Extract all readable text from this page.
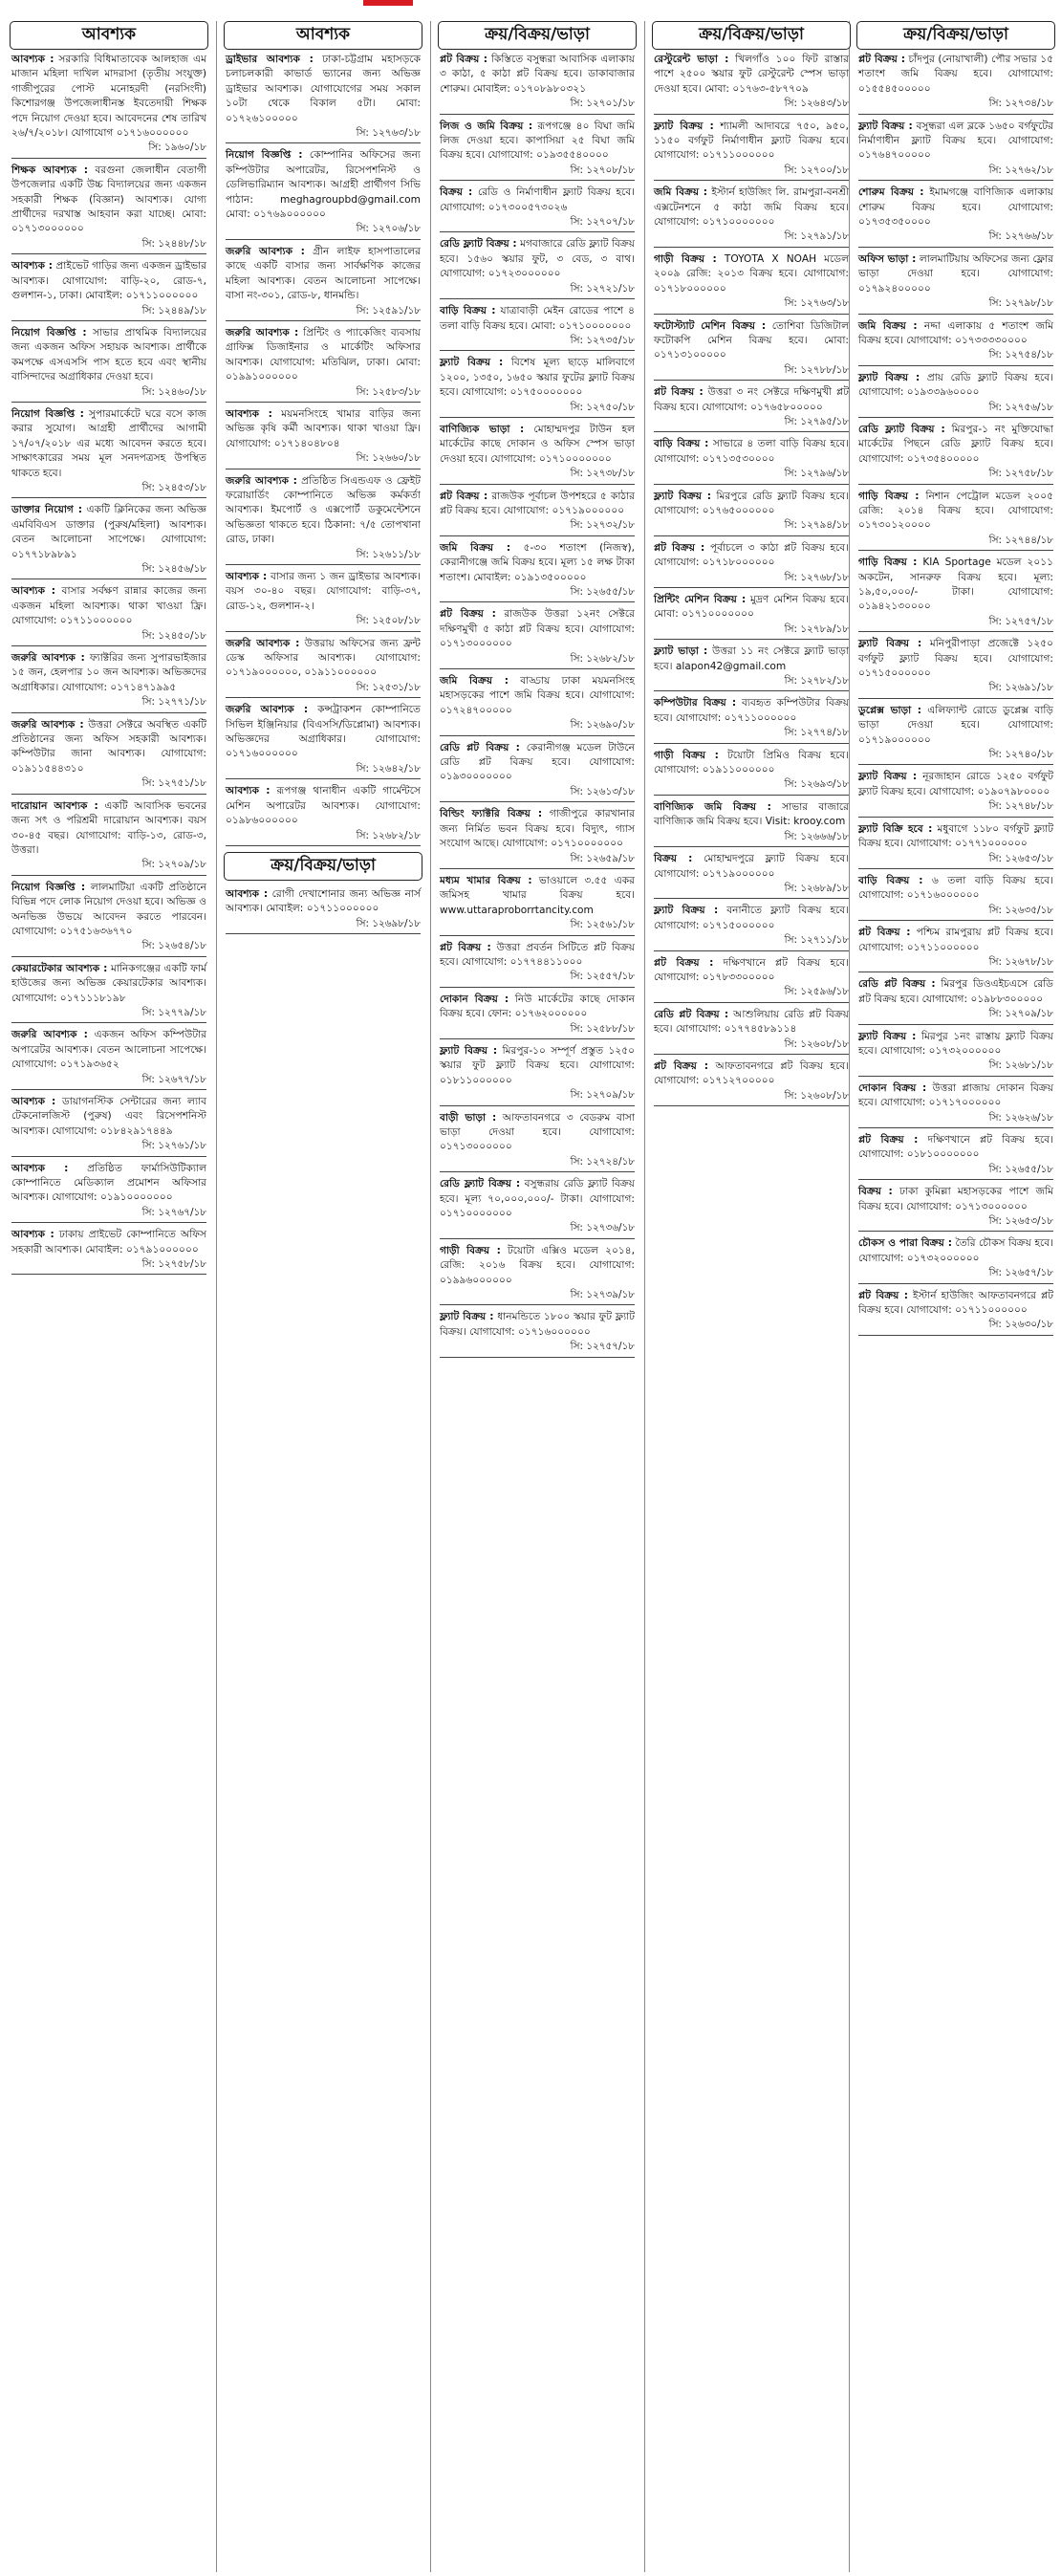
আবশ্যক
আবশ্যক : সরকারি বিধিমাতাবেক আলহাজ এম মাজান মহিলা দাখিল মাদরাসা (তৃতীয় সংযুক্ত) গাজীপুরের পোস্ট মনোহরদী (নরসিংদী) কিশোরগঞ্জ উপজেলাধীনস্ত ইবতেদায়ী শিক্ষক পদে নিয়োগ দেওয়া হবে। আবেদনের শেষ তারিখ ২৬/৭/২০১৮। যোগাযোগ ০১৭১৬০০০০০০
সি: ১৯৬০/১৮
শিক্ষক আবশ্যক : বরগুনা জেলাধীন বেতাগী উপজেলার একটি উচ্চ বিদ্যালয়ের জন্য একজন সহকারী শিক্ষক (বিজ্ঞান) আবশ্যক। যোগ্য প্রার্থীদের দরখাস্ত আহবান করা যাচ্ছে। মোবা: ০১৭১৩০০০০০০
সি: ১২৪৪৮/১৮
আবশ্যক : প্রাইভেট গাড়ির জন্য একজন ড্রাইভার আবশ্যক। যোগাযোগ: বাড়ি-২০, রোড-৭, গুলশান-১, ঢাকা। মোবাইল: ০১৭১১০০০০০০
সি: ১২৪৪৯/১৮
নিয়োগ বিজ্ঞপ্তি : সাভার প্রাথমিক বিদ্যালয়ের জন্য একজন অফিস সহায়ক আবশ্যক। প্রার্থীকে কমপক্ষে এসএসসি পাস হতে হবে এবং স্থানীয় বাসিন্দাদের অগ্রাধিকার দেওয়া হবে।
সি: ১২৪৬০/১৮
নিয়োগ বিজ্ঞপ্তি : সুপারমার্কেটে ঘরে বসে কাজ করার সুযোগ। আগ্রহী প্রার্থীদের আগামী ১৭/০৭/২০১৮ এর মধ্যে আবেদন করতে হবে। সাক্ষাৎকারের সময় মূল সনদপত্রসহ উপস্থিত থাকতে হবে।
সি: ১২৪৫৩/১৮
ডাক্তার নিয়োগ : একটি ক্লিনিকের জন্য অভিজ্ঞ এমবিবিএস ডাক্তার (পুরুষ/মহিলা) আবশ্যক। বেতন আলোচনা সাপেক্ষে। যোগাযোগ: ০১৭৭১৮৯৮৯১
সি: ১২৪৫৬/১৮
আবশ্যক : বাসার সর্বক্ষণ রান্নার কাজের জন্য একজন মহিলা আবশ্যক। থাকা খাওয়া ফ্রি। যোগাযোগ: ০১৭১১০০০০০০
সি: ১২৪৫০/১৮
জরুরি আবশ্যক : ফ্যাক্টরির জন্য সুপারভাইজার ১৫ জন, হেলপার ১০ জন আবশ্যক। অভিজ্ঞদের অগ্রাধিকার। যোগাযোগ: ০১৭১৪৭১৯৯৫
সি: ১২৭৭১/১৮
জরুরি আবশ্যক : উত্তরা সেক্টরে অবস্থিত একটি প্রতিষ্ঠানের জন্য অফিস সহকারী আবশ্যক। কম্পিউটার জানা আবশ্যক। যোগাযোগ: ০১৯১১৫৪৪৩১০
সি: ১২৭৫১/১৮
দারোয়ান আবশ্যক : একটি আবাসিক ভবনের জন্য সৎ ও পরিশ্রমী দারোয়ান আবশ্যক। বয়স ৩০-৪৫ বছর। যোগাযোগ: বাড়ি-১৩, রোড-৩, উত্তরা।
সি: ১২৭০৯/১৮
নিয়োগ বিজ্ঞপ্তি : লালমাটিয়া একটি প্রতিষ্ঠানে বিভিন্ন পদে লোক নিয়োগ দেওয়া হবে। অভিজ্ঞ ও অনভিজ্ঞ উভয়ে আবেদন করতে পারবেন। যোগাযোগ: ০১৭৫১৬৩৬৭৭০
সি: ১২৬৫৪/১৮
কেয়ারটেকার আবশ্যক : মানিকগঞ্জের একটি ফার্ম হাউজের জন্য অভিজ্ঞ কেয়ারটেকার আবশ্যক। যোগাযোগ: ০১৭১১১৮১৯৮
সি: ১২৭৭৯/১৮
জরুরি আবশ্যক : একজন অফিস কম্পিউটার অপারেটর আবশ্যক। বেতন আলোচনা সাপেক্ষে। যোগাযোগ: ০১৭১৯৩৬৫২
সি: ১২৬৭৭/১৮
আবশ্যক : ডায়াগনস্টিক সেন্টারের জন্য ল্যাব টেকনোলজিস্ট (পুরুষ) এবং রিসেপশনিস্ট আবশ্যক। যোগাযোগ: ০১৮৪২৯১৭৪৪৯
সি: ১২৭৬১/১৮
আবশ্যক : প্রতিষ্ঠিত ফার্মাসিউটিক্যাল কোম্পানিতে মেডিক্যাল প্রমোশন অফিসার আবশ্যক। যোগাযোগ: ০১৯১০০০০০০০
সি: ১২৭৬৭/১৮
আবশ্যক : ঢাকায় প্রাইভেট কোম্পানিতে অফিস সহকারী আবশ্যক। মোবাইল: ০১৭৯১০০০০০০
সি: ১২৭৫৮/১৮
আবশ্যক
ড্রাইভার আবশ্যক : ঢাকা-চট্টগ্রাম মহাসড়কে চলাচলকারী কাভার্ড ভ্যানের জন্য অভিজ্ঞ ড্রাইভার আবশ্যক। যোগাযোগের সময় সকাল ১০টা থেকে বিকাল ৫টা। মোবা: ০১৭২৬১০০০০০
সি: ১২৭৬৩/১৮
নিয়োগ বিজ্ঞপ্তি : কোম্পানির অফিসের জন্য কম্পিউটার অপারেটর, রিসেপশনিস্ট ও ডেলিভারিম্যান আবশ্যক। আগ্রহী প্রার্থীগণ সিভি পাঠান: meghagroupbd@gmail.com মোবা: ০১৭৬৯০০০০০০
সি: ১২৭০৬/১৮
জরুরি আবশ্যক : গ্রীন লাইফ হাসপাতালের কাছে একটি বাসার জন্য সার্বক্ষণিক কাজের মহিলা আবশ্যক। বেতন আলোচনা সাপেক্ষে। বাসা নং-৩০১, রোড-৮, ধানমন্ডি।
সি: ১২৫৯১/১৮
জরুরি আবশ্যক : প্রিন্টিং ও প্যাকেজিং ব্যবসায় গ্রাফিক্স ডিজাইনার ও মার্কেটিং অফিসার আবশ্যক। যোগাযোগ: মতিঝিল, ঢাকা। মোবা: ০১৯৯১০০০০০০
সি: ১২৫৮৩/১৮
আবশ্যক : ময়মনসিংহে খামার বাড়ির জন্য অভিজ্ঞ কৃষি কর্মী আবশ্যক। থাকা খাওয়া ফ্রি। যোগাযোগ: ০১৭১৪০৪৮০৪
সি: ১২৬৬০/১৮
জরুরি আবশ্যক : প্রতিষ্ঠিত সিএন্ডএফ ও ফ্রেইট ফরোয়ার্ডিং কোম্পানিতে অভিজ্ঞ কর্মকর্তা আবশ্যক। ইমপোর্ট ও এক্সপোর্ট ডকুমেন্টেশনে অভিজ্ঞতা থাকতে হবে। ঠিকানা: ৭/৫ তোপখানা রোড, ঢাকা।
সি: ১২৬১১/১৮
আবশ্যক : বাসার জন্য ১ জন ড্রাইভার আবশ্যক। বয়স ৩০-৪০ বছর। যোগাযোগ: বাড়ি-৩৭, রোড-১২, গুলশান-২।
সি: ১২৫০৮/১৮
জরুরি আবশ্যক : উত্তরায় অফিসের জন্য ফ্রন্ট ডেস্ক অফিসার আবশ্যক। যোগাযোগ: ০১৭১৯০০০০০০, ০১৯১১০০০০০০
সি: ১২৫৩১/১৮
জরুরি আবশ্যক : কন্সট্রাকশন কোম্পানিতে সিভিল ইঞ্জিনিয়ার (বিএসসি/ডিপ্লোমা) আবশ্যক। অভিজ্ঞদের অগ্রাধিকার। যোগাযোগ: ০১৭১৬০০০০০০
সি: ১২৬৪২/১৮
আবশ্যক : রূপগঞ্জ থানাধীন একটি গার্মেন্টসে মেশিন অপারেটর আবশ্যক। যোগাযোগ: ০১৯৮৬০০০০০০
সি: ১২৬৮২/১৮
ক্রয়/বিক্রয়/ভাড়া
আবশ্যক : রোগী দেখাশোনার জন্য অভিজ্ঞ নার্স আবশ্যক। মোবাইল: ০১৭১১০০০০০০
সি: ১২৬৯৮/১৮
ক্রয়/বিক্রয়/ভাড়া
প্লট বিক্রয় : কিস্তিতে বসুন্ধরা আবাসিক এলাকায় ৩ কাঠা, ৫ কাঠা প্লট বিক্রয় হবে। ডাকাবাজার শোরুম। মোবাইল: ০১৭০৮৯৮০৩২১
সি: ১২৭০১/১৮
লিজ ও জমি বিক্রয় : রূপগঞ্জে ৪০ বিঘা জমি লিজ দেওয়া হবে। কাপাসিয়া ২৫ বিঘা জমি বিক্রয় হবে। যোগাযোগ: ০১৯৩৫৫৪০০০০
সি: ১২৭০৮/১৮
বিক্রয় : রেডি ও নির্মাণাধীন ফ্ল্যাট বিক্রয় হবে। যোগাযোগ: ০১৭৩০০৫৭৩০২৬
সি: ১২৭০৭/১৮
রেডি ফ্ল্যাট বিক্রয় : মগবাজারে রেডি ফ্ল্যাট বিক্রয় হবে। ১৫৬০ স্কয়ার ফুট, ৩ বেড, ৩ বাথ। যোগাযোগ: ০১৭২৩০০০০০০
সি: ১২৭২১/১৮
বাড়ি বিক্রয় : যাত্রাবাড়ী মেইন রোডের পাশে ৪ তলা বাড়ি বিক্রয় হবে। মোবা: ০১৭১০০০০০০০
সি: ১২৭৩৫/১৮
ফ্ল্যাট বিক্রয় : বিশেষ মূল্য ছাড়ে মালিবাগে ১২০০, ১৩৫০, ১৬৫০ স্কয়ার ফুটের ফ্ল্যাট বিক্রয় হবে। যোগাযোগ: ০১৭৫০০০০০০০
সি: ১২৭৫০/১৮
বাণিজ্যিক ভাড়া : মোহাম্মদপুর টাউন হল মার্কেটের কাছে দোকান ও অফিস স্পেস ভাড়া দেওয়া হবে। যোগাযোগ: ০১৭১০০০০০০০
সি: ১২৭৩৮/১৮
প্লট বিক্রয় : রাজউক পূর্বাচল উপশহরে ৫ কাঠার প্লট বিক্রয় হবে। যোগাযোগ: ০১৭১৯০০০০০০
সি: ১২৭৩২/১৮
জমি বিক্রয় : ৫-৩০ শতাংশ (নিজস্ব), কেরানীগঞ্জে জমি বিক্রয় হবে। মূল্য ১৫ লক্ষ টাকা শতাংশ। মোবাইল: ০১৯১৩৫০০০০০
সি: ১২৬৫৫/১৮
প্লট বিক্রয় : রাজউক উত্তরা ১২নং সেক্টরে দক্ষিণমুখী ৫ কাঠা প্লট বিক্রয় হবে। যোগাযোগ: ০১৭১৩০০০০০০
সি: ১২৬৮২/১৮
জমি বিক্রয় : বাড্ডায় ঢাকা ময়মনসিংহ মহাসড়কের পাশে জমি বিক্রয় হবে। যোগাযোগ: ০১৭২৪৭০০০০০
সি: ১২৬৯০/১৮
রেডি প্লট বিক্রয় : কেরানীগঞ্জ মডেল টাউনে রেডি প্লট বিক্রয় হবে। যোগাযোগ: ০১৯৩০০০০০০০
সি: ১২৬১৩/১৮
বিল্ডিং ফ্যাক্টরি বিক্রয় : গাজীপুরে কারখানার জন্য নির্মিত ভবন বিক্রয় হবে। বিদ্যুৎ, গ্যাস সংযোগ আছে। যোগাযোগ: ০১৭১০০০০০০০
সি: ১২৬৫৯/১৮
মধ্যম খামার বিক্রয় : ভাওয়ালে ৩.৫৫ একর জমিসহ খামার বিক্রয় হবে। www.uttaraproborrtancity.com
সি: ১২৫৬১/১৮
প্লট বিক্রয় : উত্তরা প্রবর্তন সিটিতে প্লট বিক্রয় হবে। যোগাযোগ: ০১৭৭৪৪১১০০০
সি: ১২৫৫৭/১৮
দোকান বিক্রয় : নিউ মার্কেটের কাছে দোকান বিক্রয় হবে। ফোন: ০১৭৬২০০০০০০
সি: ১২৫৮৮/১৮
ফ্ল্যাট বিক্রয় : মিরপুর-১০ সম্পূর্ণ প্রস্তুত ১২৫০ স্কয়ার ফুট ফ্ল্যাট বিক্রয় হবে। যোগাযোগ: ০১৮১১০০০০০০
সি: ১২৭০৯/১৮
বাড়ী ভাড়া : আফতাবনগরে ৩ বেডরুম বাসা ভাড়া দেওয়া হবে। যোগাযোগ: ০১৭১৩০০০০০০
সি: ১২৭২৪/১৮
রেডি ফ্ল্যাট বিক্রয় : বসুন্ধরায় রেডি ফ্ল্যাট বিক্রয় হবে। মূল্য ৭০,০০০,০০০/- টাকা। যোগাযোগ: ০১৭১০০০০০০০
সি: ১২৭৩৬/১৮
গাড়ী বিক্রয় : টয়োটা এক্সিও মডেল ২০১৪, রেজি: ২০১৬ বিক্রয় হবে। যোগাযোগ: ০১৯৯৬০০০০০০
সি: ১২৭৩৯/১৮
ফ্ল্যাট বিক্রয় : ধানমন্ডিতে ১৮০০ স্কয়ার ফুট ফ্ল্যাট বিক্রয়। যোগাযোগ: ০১৭১৬০০০০০০
সি: ১২৭৫৭/১৮
ক্রয়/বিক্রয়/ভাড়া
রেস্টুরেন্ট ভাড়া : খিলগাঁও ১০০ ফিট রাস্তার পাশে ২৫০০ স্কয়ার ফুট রেস্টুরেন্ট স্পেস ভাড়া দেওয়া হবে। মোবা: ০১৭৬৩-৫৮৭৭০৯
সি: ১২৬৪৩/১৮
ফ্ল্যাট বিক্রয় : শ্যামলী আদাবরে ৭৫০, ৯৫০, ১১৫০ বর্গফুট নির্মাণাধীন ফ্ল্যাট বিক্রয় হবে। যোগাযোগ: ০১৭১১০০০০০০
সি: ১২৭০০/১৮
জমি বিক্রয় : ইস্টার্ন হাউজিং লি. রামপুরা-বনশ্রী এক্সটেনশনে ৫ কাঠা জমি বিক্রয় হবে। যোগাযোগ: ০১৭১০০০০০০০
সি: ১২৭৯১/১৮
গাড়ী বিক্রয় : TOYOTA X NOAH মডেল ২০০৯ রেজি: ২০১৩ বিক্রয় হবে। যোগাযোগ: ০১৭১৮০০০০০০
সি: ১২৭৬৩/১৮
ফটোস্ট্যাট মেশিন বিক্রয় : তোশিবা ডিজিটাল ফটোকপি মেশিন বিক্রয় হবে। মোবা: ০১৭১৩১০০০০০
সি: ১২৭৮৮/১৮
প্লট বিক্রয় : উত্তরা ৩ নং সেক্টরে দক্ষিণমুখী প্লট বিক্রয় হবে। যোগাযোগ: ০১৭৬৫৮০০০০০
সি: ১২৭৯৫/১৮
বাড়ি বিক্রয় : সাভারে ৪ তলা বাড়ি বিক্রয় হবে। যোগাযোগ: ০১৭১৩৫৩০০০০
সি: ১২৭৯৬/১৮
ফ্ল্যাট বিক্রয় : মিরপুরে রেডি ফ্ল্যাট বিক্রয় হবে। যোগাযোগ: ০১৭৬৫০০০০০০
সি: ১২৭৯৪/১৮
প্লট বিক্রয় : পূর্বাচলে ৩ কাঠা প্লট বিক্রয় হবে। যোগাযোগ: ০১৭১৮০০০০০০
সি: ১২৭৬৮/১৮
প্রিন্টিং মেশিন বিক্রয় : মুদ্রণ মেশিন বিক্রয় হবে। মোবা: ০১৭১০০০০০০০
সি: ১২৭৮৯/১৮
ফ্ল্যাট ভাড়া : উত্তরা ১১ নং সেক্টরে ফ্ল্যাট ভাড়া হবে। alapon42@gmail.com
সি: ১২৭৮২/১৮
কম্পিউটার বিক্রয় : ব্যবহৃত কম্পিউটার বিক্রয় হবে। যোগাযোগ: ০১৭১১০০০০০০
সি: ১২৭৭৪/১৮
গাড়ী বিক্রয় : টয়োটা প্রিমিও বিক্রয় হবে। যোগাযোগ: ০১৯১১০০০০০০
সি: ১২৬৯৩/১৮
বাণিজ্যিক জমি বিক্রয় : সাভার বাজারে বাণিজ্যিক জমি বিক্রয় হবে। Visit: krooy.com
সি: ১২৬৬৬/১৮
বিক্রয় : মোহাম্মদপুরে ফ্ল্যাট বিক্রয় হবে। যোগাযোগ: ০১৭১৯০০০০০০
সি: ১২৬৮৯/১৮
ফ্ল্যাট বিক্রয় : বনানীতে ফ্ল্যাট বিক্রয় হবে। যোগাযোগ: ০১৭১৫০০০০০০
সি: ১২৭১১/১৮
প্লট বিক্রয় : দক্ষিণখানে প্লট বিক্রয় হবে। যোগাযোগ: ০১৭৮৩৩০০০০০
সি: ১২৫৯৬/১৮
রেডি প্লট বিক্রয় : আশুলিয়ায় রেডি প্লট বিক্রয় হবে। যোগাযোগ: ০১৭৭৪৫৮৯১১৪
সি: ১২৬০৮/১৮
প্লট বিক্রয় : আফতাবনগরে প্লট বিক্রয় হবে। যোগাযোগ: ০১৭১২৭০০০০০
সি: ১২৬০৮/১৮
ক্রয়/বিক্রয়/ভাড়া
প্লট বিক্রয় : চাঁদপুর (নোয়াখালী) পৌর সভার ১৫ শতাংশ জমি বিক্রয় হবে। যোগাযোগ: ০১৫৫৪৫০০০০০
সি: ১২৭৩৪/১৮
ফ্ল্যাট বিক্রয় : বসুন্ধরা এল ব্লকে ১৬৫০ বর্গফুটের নির্মাণাধীন ফ্ল্যাট বিক্রয় হবে। যোগাযোগ: ০১৭৬৪৭০০০০০
সি: ১২৭৬২/১৮
শোরুম বিক্রয় : ইমামগঞ্জে বাণিজ্যিক এলাকায় শোরুম বিক্রয় হবে। যোগাযোগ: ০১৭৩৫৩৫০০০০
সি: ১২৭৬৬/১৮
অফিস ভাড়া : লালমাটিয়ায় অফিসের জন্য ফ্লোর ভাড়া দেওয়া হবে। যোগাযোগ: ০১৭৯২৪০০০০০
সি: ১২৭৯৮/১৮
জমি বিক্রয় : নদ্দা এলাকায় ৫ শতাংশ জমি বিক্রয় হবে। যোগাযোগ: ০১৭৩৩৩৩০০০০
সি: ১২৭৫৪/১৮
ফ্ল্যাট বিক্রয় : প্রায় রেডি ফ্ল্যাট বিক্রয় হবে। যোগাযোগ: ০১৯৩৩৯৬০০০০
সি: ১২৭৫৬/১৮
রেডি ফ্ল্যাট বিক্রয় : মিরপুর-১ নং মুক্তিযোদ্ধা মার্কেটের পিছনে রেডি ফ্ল্যাট বিক্রয় হবে। যোগাযোগ: ০১৭৩৫৪০০০০০
সি: ১২৭৫৮/১৮
গাড়ি বিক্রয় : নিশান পেট্রোল মডেল ২০০৫ রেজি: ২০১৪ বিক্রয় হবে। যোগাযোগ: ০১৭৩০১২০০০০
সি: ১২৭৪৪/১৮
গাড়ি বিক্রয় : KIA Sportage মডেল ২০১১ অকটেন, সানরুফ বিক্রয় হবে। মূল্য: ১৯,৫০,০০০/- টাকা। যোগাযোগ: ০১৯৪২১৩০০০০
সি: ১২৭৫৭/১৮
ফ্ল্যাট বিক্রয় : মনিপুরীপাড়া প্রজেক্টে ১২৫০ বর্গফুট ফ্ল্যাট বিক্রয় হবে। যোগাযোগ: ০১৭১৫০০০০০০
সি: ১২৬৯১/১৮
ডুপ্লেক্স ভাড়া : এলিফ্যান্ট রোডে ডুপ্লেক্স বাড়ি ভাড়া দেওয়া হবে। যোগাযোগ: ০১৭১৯০০০০০০
সি: ১২৭৪০/১৮
ফ্ল্যাট বিক্রয় : নূরজাহান রোডে ১২৫০ বর্গফুট ফ্ল্যাট বিক্রয় হবে। যোগাযোগ: ০১৯০৭৯৮০০০০
সি: ১২৭৪৮/১৮
ফ্ল্যাট বিক্রি হবে : মধুবাগে ১১৮০ বর্গফুট ফ্ল্যাট বিক্রয় হবে। যোগাযোগ: ০১৭৭১০০০০০০
সি: ১২৬৫৩/১৮
বাড়ি বিক্রয় : ৬ তলা বাড়ি বিক্রয় হবে। যোগাযোগ: ০১৭১৬০০০০০০
সি: ১২৬৩৫/১৮
প্লট বিক্রয় : পশ্চিম রামপুরায় প্লট বিক্রয় হবে। যোগাযোগ: ০১৭১১০০০০০০
সি: ১২৬৭৮/১৮
রেডি প্লট বিক্রয় : মিরপুর ডিওএইচএসে রেডি প্লট বিক্রয় হবে। যোগাযোগ: ০১৯৮৮৩০০০০০
সি: ১২৭০৯/১৮
ফ্ল্যাট বিক্রয় : মিরপুর ১নং রাস্তায় ফ্ল্যাট বিক্রয় হবে। যোগাযোগ: ০১৭৩২০০০০০০
সি: ১২৬৮১/১৮
দোকান বিক্রয় : উত্তরা প্লাজায় দোকান বিক্রয় হবে। যোগাযোগ: ০১৭১৭০০০০০০
সি: ১২৬২৬/১৮
প্লট বিক্রয় : দক্ষিণখানে প্লট বিক্রয় হবে। যোগাযোগ: ০১৮১০০০০০০০
সি: ১২৬৫৫/১৮
বিক্রয় : ঢাকা কুমিল্লা মহাসড়কের পাশে জমি বিক্রয় হবে। যোগাযোগ: ০১৭১৩০০০০০০
সি: ১২৬৫৩/১৮
চৌকস ও পারা বিক্রয় : তৈরি চৌকস বিক্রয় হবে। যোগাযোগ: ০১৭৩২০০০০০০
সি: ১২৬৫৭/১৮
প্লট বিক্রয় : ইস্টার্ন হাউজিং আফতাবনগরে প্লট বিক্রয় হবে। যোগাযোগ: ০১৭১১০০০০০০
সি: ১২৬৩০/১৮
